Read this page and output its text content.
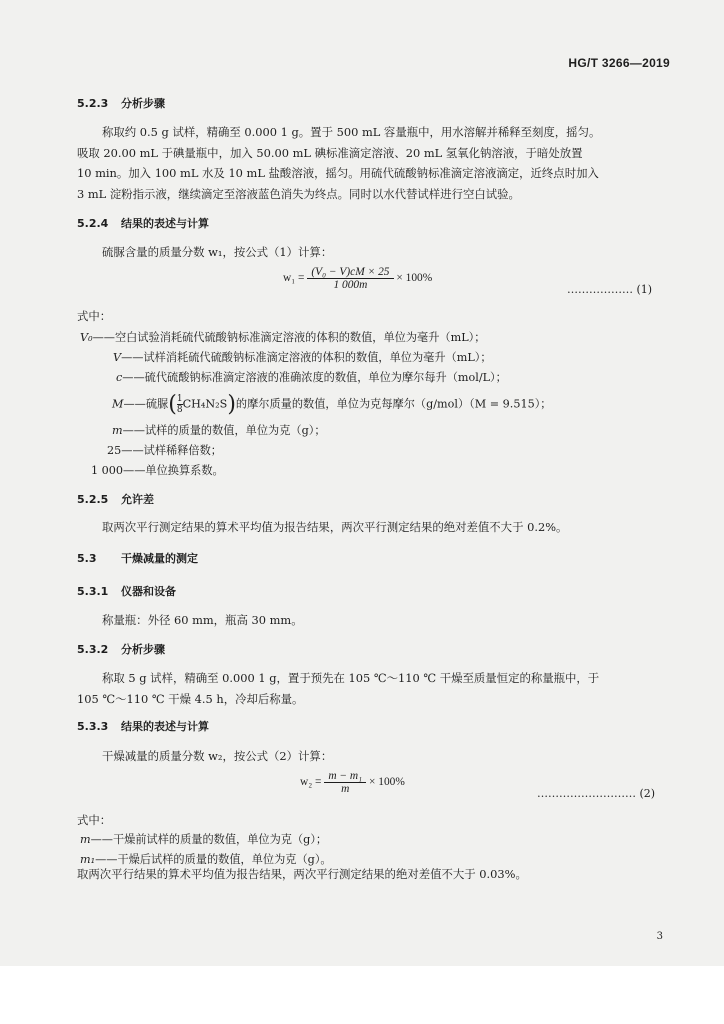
HG/T 3266—2019
5.2.3 分析步骤
称取约 0.5 g 试样，精确至 0.000 1 g。置于 500 mL 容量瓶中，用水溶解并稀释至刻度，摇匀。
吸取 20.00 mL 于碘量瓶中，加入 50.00 mL 碘标准滴定溶液、20 mL 氢氧化钠溶液，于暗处放置
10 min。加入 100 mL 水及 10 mL 盐酸溶液，摇匀。用硫代硫酸钠标准滴定溶液滴定，近终点时加入
3 mL 淀粉指示液，继续滴定至溶液蓝色消失为终点。同时以水代替试样进行空白试验。
5.2.4 结果的表述与计算
硫脲含量的质量分数 w₁，按公式（1）计算：
$w_1 = \frac{\text{(V₀ − V)cM × 25}}{1 000m} \times 100\%$
……………… (1)
式中：
V₀——空白试验消耗硫代硫酸钠标准滴定溶液的体积的数值，单位为毫升（mL）；
V——试样消耗硫代硫酸钠标准滴定溶液的体积的数值，单位为毫升（mL）；
c——硫代硫酸钠标准滴定溶液的准确浓度的数值，单位为摩尔每升（mol/L）；
M——硫脲( $\frac{1}{8} CH_4N_2S$)的摩尔质量的数值，单位为克每摩尔（g/mol）（M = 9.515）；
m——试样的质量的数值，单位为克（g）；
25——试样稀释倍数；
1 000——单位换算系数。
5.2.5 允许差
取两次平行测定结果的算术平均值为报告结果，两次平行测定结果的绝对差值不大于 0.2%。
5.3 干燥减量的测定
5.3.1 仪器和设备
称量瓶：外径 60 mm，瓶高 30 mm。
5.3.2 分析步骤
称取 5 g 试样，精确至 0.000 1 g，置于预先在 105 ℃～110 ℃ 干燥至质量恒定的称量瓶中，于
105 ℃～110 ℃ 干燥 4.5 h，冷却后称量。
5.3.3 结果的表述与计算
干燥减量的质量分数 w₂，按公式（2）计算：
$w_2 = \frac{\text{m − m₁}}{m} \times 100\%$
……………………… (2)
式中：
m——干燥前试样的质量的数值，单位为克（g）；
m₁——干燥后试样的质量的数值，单位为克（g）。
取两次平行结果的算术平均值为报告结果，两次平行测定结果的绝对差值不大于 0.03%。
3
